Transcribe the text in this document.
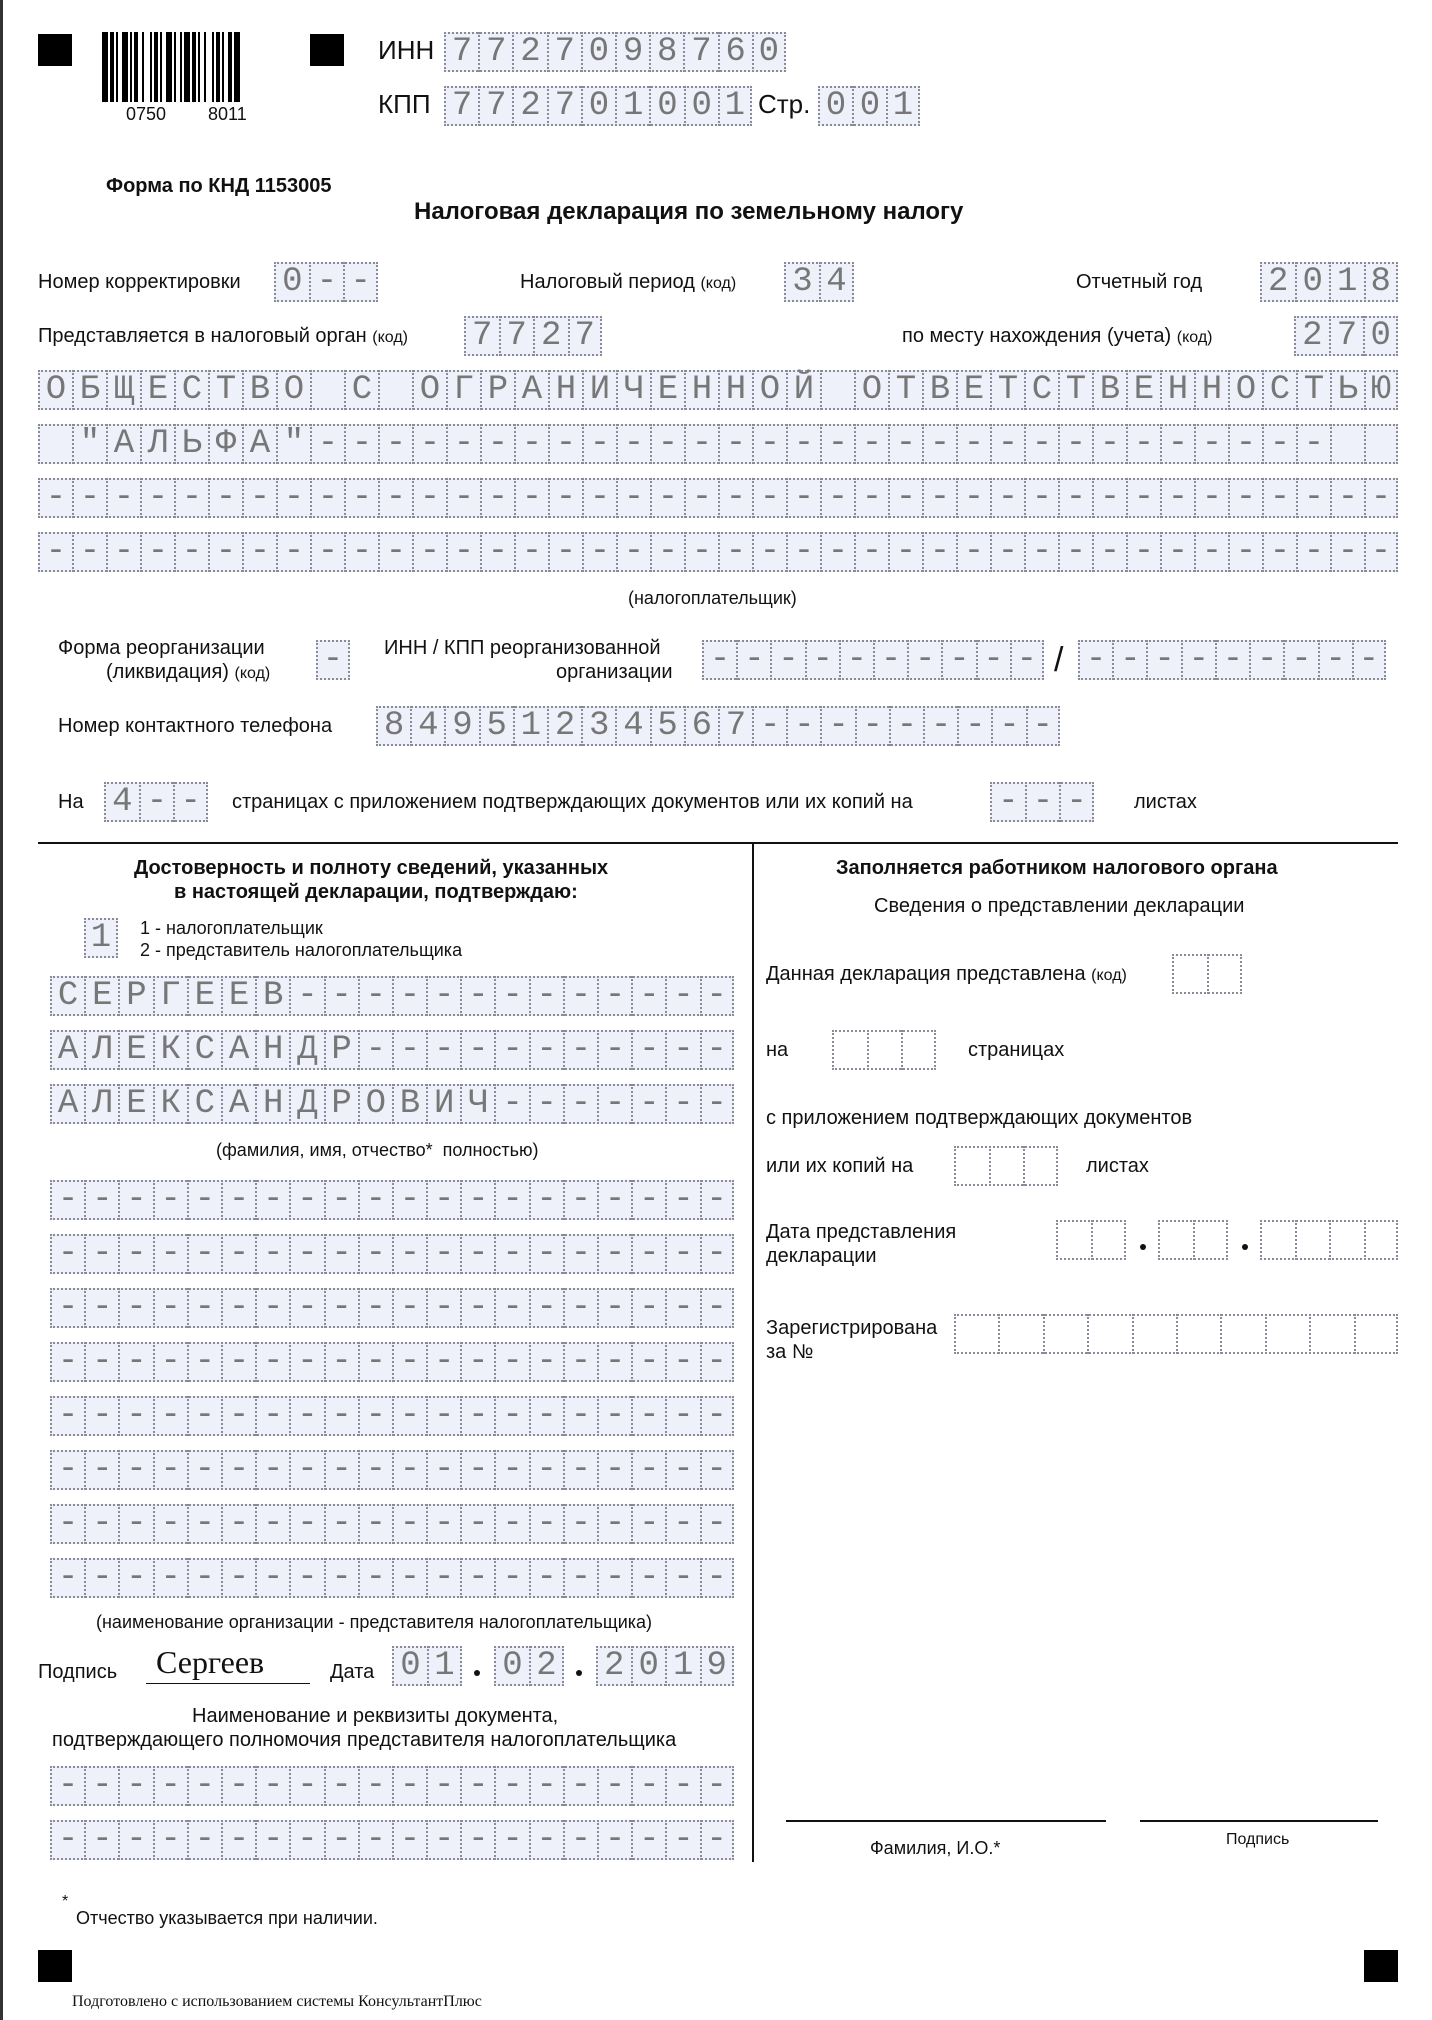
0750 8011
ИНН 7 7 2 7 0 9 8 7 6 0
КПП 7 7 2 7 0 1 0 0 1 Стр. 0 0 1
Форма по КНД 1153005
Налоговая декларация по земельному налогу
Номер корректировки 0 - -	Налоговый период (код) 3 4	Отчетный год 2 0 1 8
Представляется в налоговый орган (код) 7 7 2 7	по месту нахождения (учета) (код)	2 7 0
О Б Щ Е С Т В О С О Г Р А Н И Ч Е Н Н О Й О Т В Е Т С Т В Е Н Н О С Т Ь Ю
" А Л Ь Ф А " - - - - - - - - - - - - - - - - - - - - - - - - - - - - - -
- - - - - - - - - - - - - - - - - - - - - - - - - - - - - - - - - - - - - - - -
- - - - - - - - - - - - - - - - - - - - - - - - - - - - - - - - - - - - - - - -
(налогоплательщик)
Форма реорганизации
(ликвидация) (код) -	ИНН / КПП реорганизованной
организации - - - - - - - - - - / - - - - - - - - -
Номер контактного телефона 8 4 9 5 1 2 3 4 5 6 7 - - - - - - - - -
На 4 - -	страницах с приложением подтверждающих документов или их копий на	- - -	листах
Достоверность и полноту сведений, указанных
в настоящей декларации, подтверждаю:
1	1 - налогоплательщик
2 - представитель налогоплательщика
С Е Р Г Е Е В - - - - - - - - - - - - -
А Л Е К С А Н Д Р - - - - - - - - - - -
А Л Е К С А Н Д Р О В И Ч - - - - - - -
(фамилия, имя, отчество*  полностью)
- - - - - - - - - - - - - - - - - - - -
- - - - - - - - - - - - - - - - - - - -
- - - - - - - - - - - - - - - - - - - -
- - - - - - - - - - - - - - - - - - - -
- - - - - - - - - - - - - - - - - - - -
- - - - - - - - - - - - - - - - - - - -
- - - - - - - - - - - - - - - - - - - -
- - - - - - - - - - - - - - - - - - - -
(наименование организации - представителя налогоплательщика)
Подпись Сергеев	Дата 0 1 0 2 2 0 1 9
Наименование и реквизиты документа,
подтверждающего полномочия представителя налогоплательщика
- - - - - - - - - - - - - - - - - - - -
- - - - - - - - - - - - - - - - - - - -
Заполняется работником налогового органа
Сведения о представлении декларации
Данная декларация представлена (код)
на	страницах
с приложением подтверждающих документов
или их копий на	листах
Дата представления
декларации
Зарегистрирована
за №
Фамилия, И.О.*	Подпись
*
Отчество указывается при наличии.
Подготовлено с использованием системы КонсультантПлюс
